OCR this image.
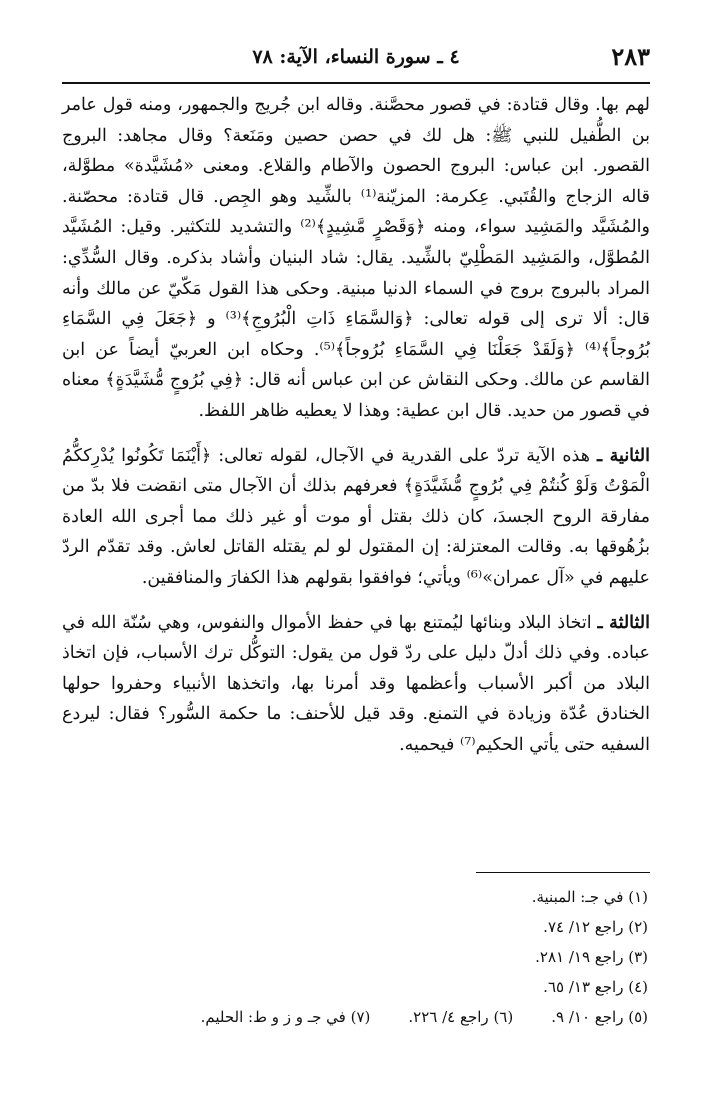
٢٨٣
٤ ـ سورة النساء، الآية: ٧٨

لهم بها. وقال قتادة: في قصور محصَّنة. وقاله ابن جُريج والجمهور، ومنه قول عامر بن الطُّفيل للنبي ﷺ: هل لك في حصن حصين ومَنَعة؟ وقال مجاهد: البروج القصور. ابن عباس: البروج الحصون والآطام والقلاع. ومعنى «مُشَيَّدة» مطوَّلة، قاله الزجاج والقُتَبي. عِكرمة: المزيّنة⁽¹⁾ بالشِّيد وهو الجِص. قال قتادة: محصّنة. والمُشَيَّد والمَشِيد سواء، ومنه ﴿وَقَصْرٍ مَّشِيدٍ﴾⁽²⁾ والتشديد للتكثير. وقيل: المُشَيَّد المُطوَّل، والمَشِيد المَطْلِيّ بالشِّيد. يقال: شاد البنيان وأشاد بذكره. وقال السُّدِّي: المراد بالبروج بروج في السماء الدنيا مبنية. وحكى هذا القول مَكّيّ عن مالك وأنه قال: ألا ترى إلى قوله تعالى: ﴿وَالسَّمَاءِ ذَاتِ الْبُرُوجِ﴾⁽³⁾ و ﴿جَعَلَ فِي السَّمَاءِ بُرُوجاً﴾⁽⁴⁾ ﴿وَلَقَدْ جَعَلْنَا فِي السَّمَاءِ بُرُوجاً﴾⁽⁵⁾. وحكاه ابن العربيّ أيضاً عن ابن القاسم عن مالك. وحكى النقاش عن ابن عباس أنه قال: ﴿فِي بُرُوجٍ مُّشَيَّدَةٍ﴾ معناه في قصور من حديد. قال ابن عطية: وهذا لا يعطيه ظاهر اللفظ.

الثانية ـ هذه الآية تردّ على القدرية في الآجال، لقوله تعالى: ﴿أَيْنَمَا تَكُونُوا يُدْرِككُّمُ الْمَوْتُ وَلَوْ كُنتُمْ فِي بُرُوجٍ مُّشَيَّدَةٍ﴾ فعرفهم بذلك أن الآجال متى انقضت فلا بدّ من مفارقة الروح الجسدَ، كان ذلك بقتل أو موت أو غير ذلك مما أجرى الله العادة بزُهُوقها به. وقالت المعتزلة: إن المقتول لو لم يقتله القاتل لعاش. وقد تقدّم الردّ عليهم في «آل عمران»⁽⁶⁾ ويأتي؛ فوافقوا بقولهم هذا الكفارَ والمنافقين.

الثالثة ـ اتخاذ البلاد وبنائها ليُمتنع بها في حفظ الأموال والنفوس، وهي سُنّة الله في عباده. وفي ذلك أدلّ دليل على ردّ قول من يقول: التوكُّل ترك الأسباب، فإن اتخاذ البلاد من أكبر الأسباب وأعظمها وقد أمرنا بها، واتخذها الأنبياء وحفروا حولها الخنادق عُدّة وزيادة في التمنع. وقد قيل للأحنف: ما حكمة السُّور؟ فقال: ليردع السفيه حتى يأتي الحكيم⁽⁷⁾ فيحميه.

(١) في جـ: المبنية.
(٢) راجع ١٢/ ٧٤.
(٣) راجع ١٩/ ٢٨١.
(٤) راجع ١٣/ ٦٥.
(٥) راجع ١٠/ ٩.(٦) راجع ٤/ ٢٢٦.(٧) في جـ و ز و ط: الحليم.
